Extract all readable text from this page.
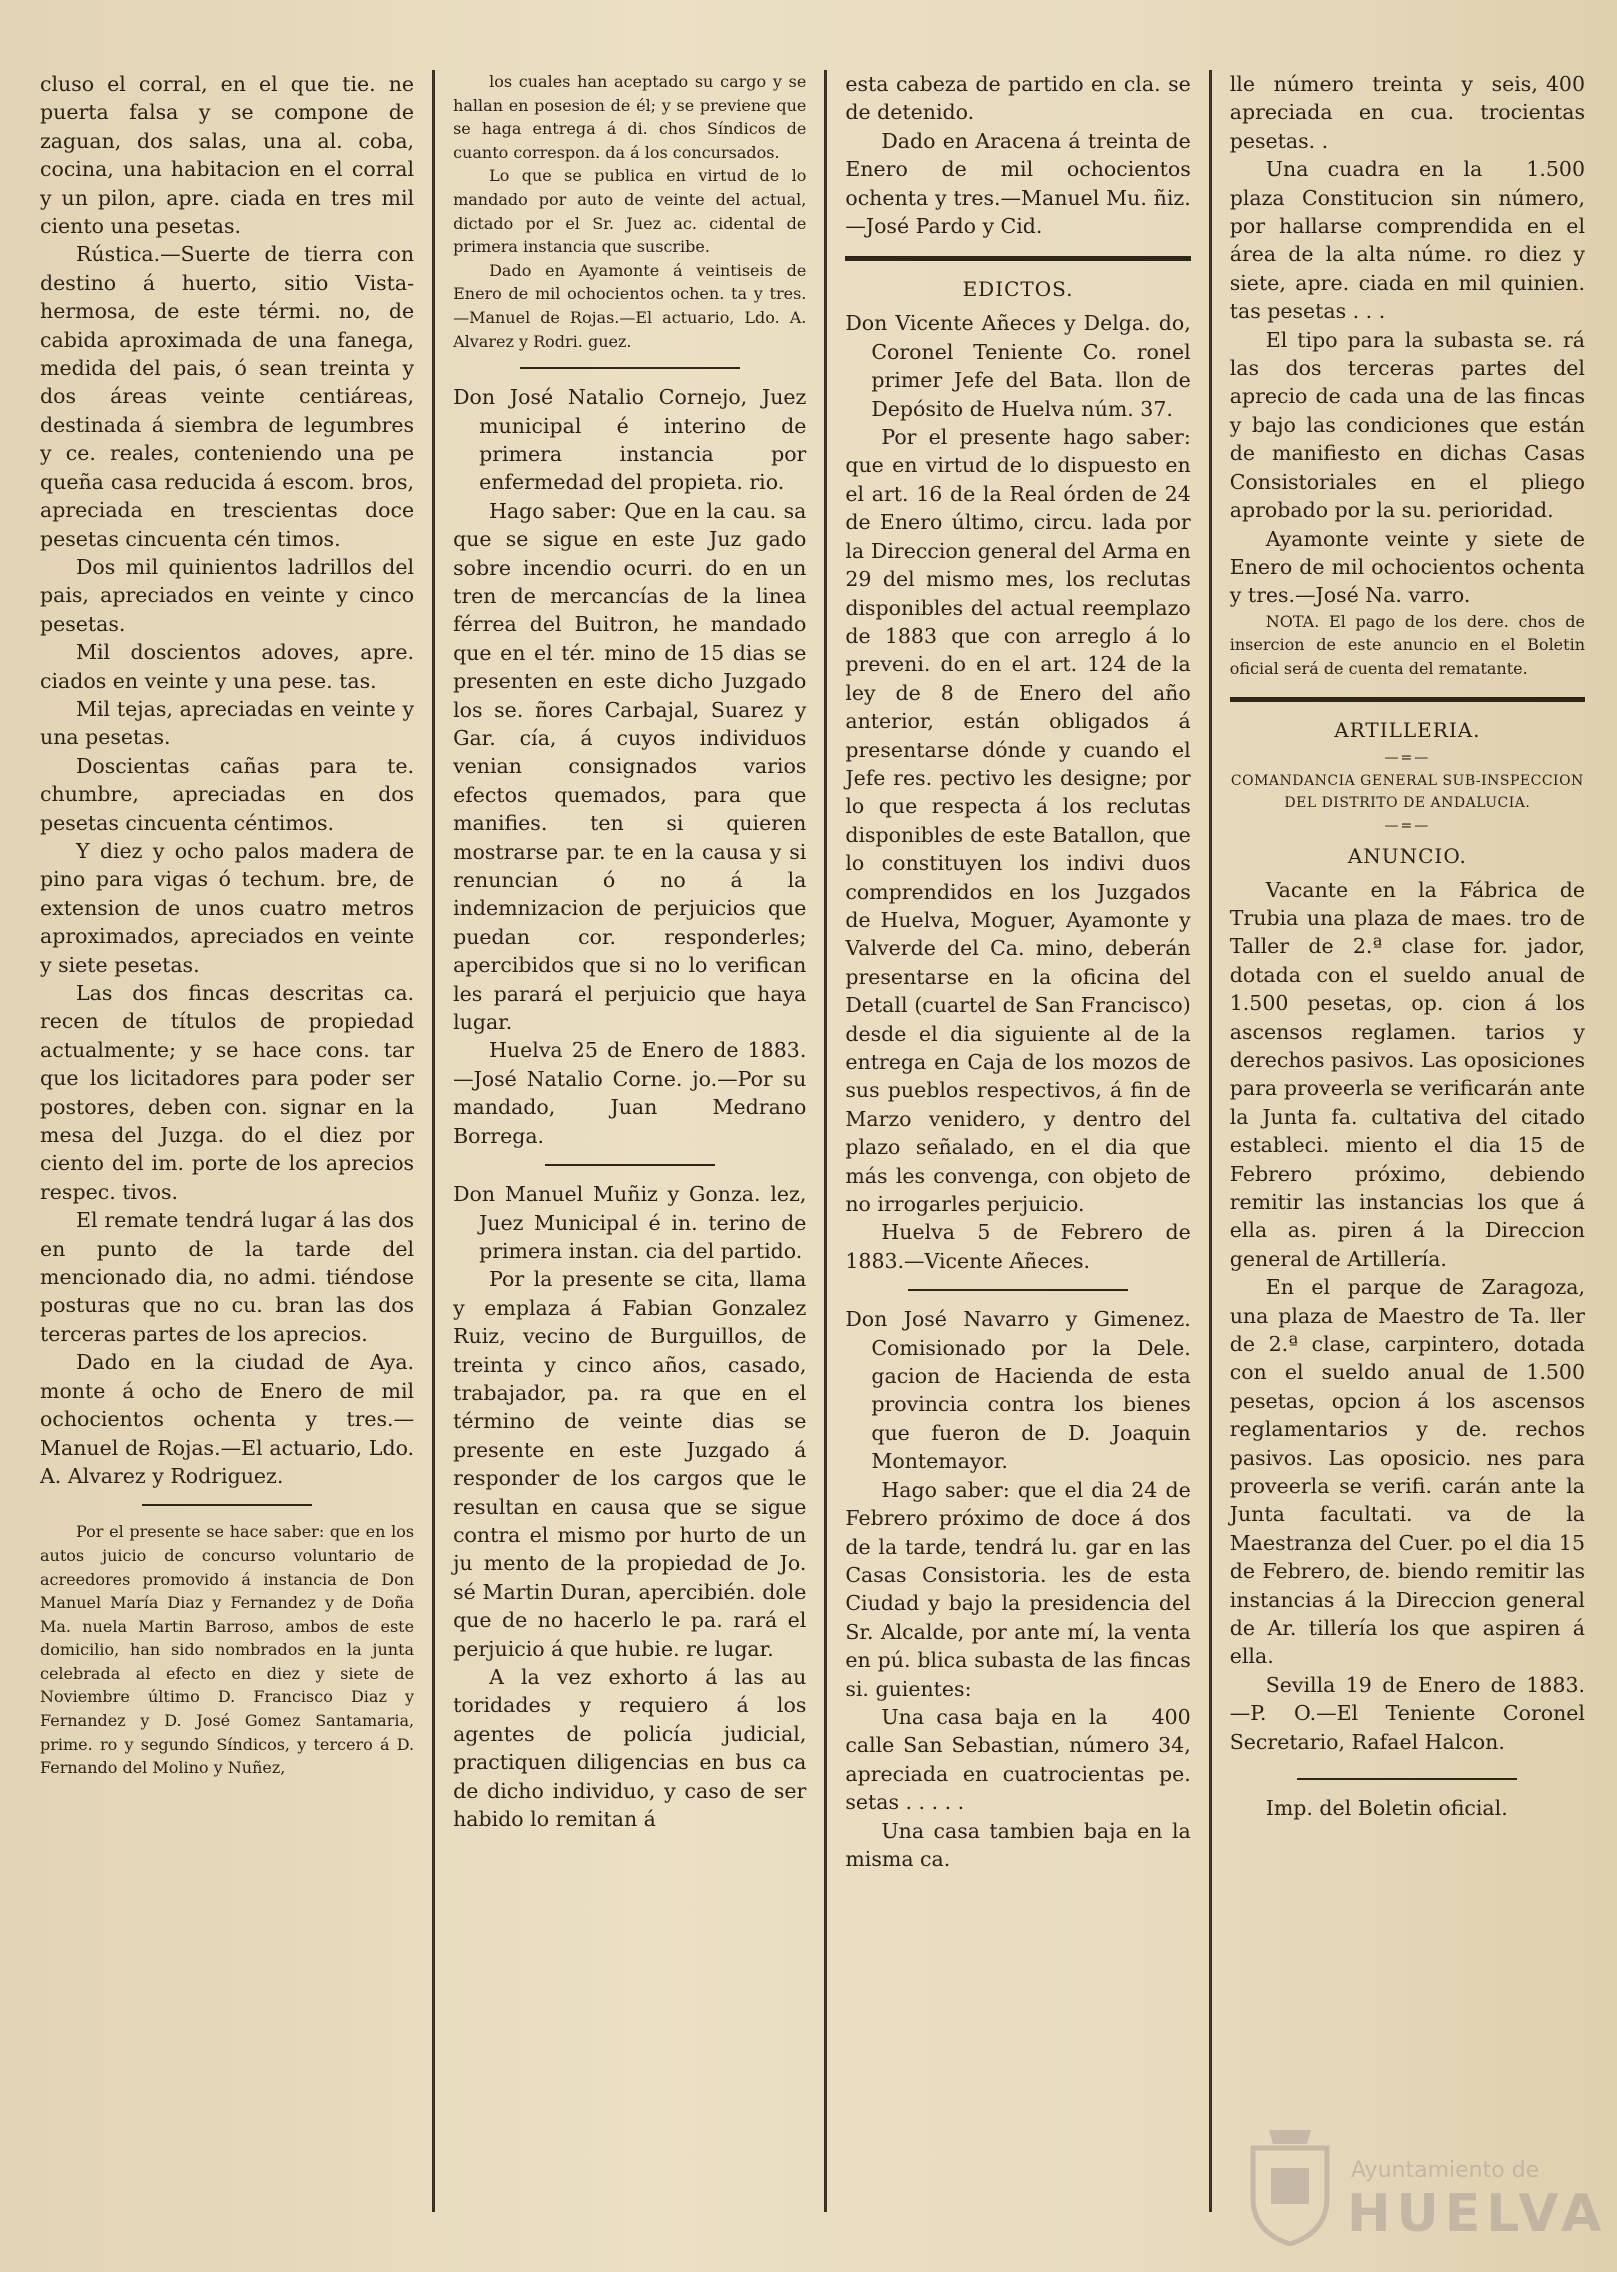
cluso el corral, en el que tie. ne puerta falsa y se compone de zaguan, dos salas, una al. coba, cocina, una habitacion en el corral y un pilon, apre. ciada en tres mil ciento una pesetas.

Rústica.—Suerte de tierra con destino á huerto, sitio Vista-hermosa, de este térmi. no, de cabida aproximada de una fanega, medida del pais, ó sean treinta y dos áreas veinte centiáreas, destinada á siembra de legumbres y ce. reales, conteniendo una pe queña casa reducida á escom. bros, apreciada en trescientas doce pesetas cincuenta cén timos.

Dos mil quinientos ladrillos del pais, apreciados en veinte y cinco pesetas.

Mil doscientos adoves, apre. ciados en veinte y una pese. tas.

Mil tejas, apreciadas en veinte y una pesetas.

Doscientas cañas para te. chumbre, apreciadas en dos pesetas cincuenta céntimos.

Y diez y ocho palos madera de pino para vigas ó techum. bre, de extension de unos cuatro metros aproximados, apreciados en veinte y siete pesetas.

Las dos fincas descritas ca. recen de títulos de propiedad actualmente; y se hace cons. tar que los licitadores para poder ser postores, deben con. signar en la mesa del Juzga. do el diez por ciento del im. porte de los aprecios respec. tivos.

El remate tendrá lugar á las dos en punto de la tarde del mencionado dia, no admi. tiéndose posturas que no cu. bran las dos terceras partes de los aprecios.

Dado en la ciudad de Aya. monte á ocho de Enero de mil ochocientos ochenta y tres.—Manuel de Rojas.—El actuario, Ldo. A. Alvarez y Rodriguez.

Por el presente se hace saber: que en los autos juicio de concurso voluntario de acreedores promovido á instancia de Don Manuel María Diaz y Fernandez y de Doña Ma. nuela Martin Barroso, ambos de este domicilio, han sido nombrados en la junta celebrada al efecto en diez y siete de Noviembre último D. Francisco Diaz y Fernandez y D. José Gomez Santamaria, prime. ro y segundo Síndicos, y tercero á D. Fernando del Molino y Nuñez,

los cuales han aceptado su cargo y se hallan en posesion de él; y se previene que se haga entrega á di. chos Síndicos de cuanto correspon. da á los concursados.

Lo que se publica en virtud de lo mandado por auto de veinte del actual, dictado por el Sr. Juez ac. cidental de primera instancia que suscribe.

Dado en Ayamonte á veintiseis de Enero de mil ochocientos ochen. ta y tres.—Manuel de Rojas.—El actuario, Ldo. A. Alvarez y Rodri. guez.

Don José Natalio Cornejo, Juez municipal é interino de primera instancia por enfermedad del propieta. rio.

Hago saber: Que en la cau. sa que se sigue en este Juz gado sobre incendio ocurri. do en un tren de mercancías de la linea férrea del Buitron, he mandado que en el tér. mino de 15 dias se presenten en este dicho Juzgado los se. ñores Carbajal, Suarez y Gar. cía, á cuyos individuos venian consignados varios efectos quemados, para que manifies. ten si quieren mostrarse par. te en la causa y si renuncian ó no á la indemnizacion de perjuicios que puedan cor. responderles; apercibidos que si no lo verifican les parará el perjuicio que haya lugar.

Huelva 25 de Enero de 1883.—José Natalio Corne. jo.—Por su mandado, Juan Medrano Borrega.

Don Manuel Muñiz y Gonza. lez, Juez Municipal é in. terino de primera instan. cia del partido.

Por la presente se cita, llama y emplaza á Fabian Gonzalez Ruiz, vecino de Burguillos, de treinta y cinco años, casado, trabajador, pa. ra que en el término de veinte dias se presente en este Juzgado á responder de los cargos que le resultan en causa que se sigue contra el mismo por hurto de un ju mento de la propiedad de Jo. sé Martin Duran, apercibién. dole que de no hacerlo le pa. rará el perjuicio á que hubie. re lugar.

A la vez exhorto á las au toridades y requiero á los agentes de policía judicial, practiquen diligencias en bus ca de dicho individuo, y caso de ser habido lo remitan á

esta cabeza de partido en cla. se de detenido.

Dado en Aracena á treinta de Enero de mil ochocientos ochenta y tres.—Manuel Mu. ñiz.—José Pardo y Cid.

EDICTOS.

Don Vicente Añeces y Delga. do, Coronel Teniente Co. ronel primer Jefe del Bata. llon de Depósito de Huelva núm. 37.

Por el presente hago saber: que en virtud de lo dispuesto en el art. 16 de la Real órden de 24 de Enero último, circu. lada por la Direccion general del Arma en 29 del mismo mes, los reclutas disponibles del actual reemplazo de 1883 que con arreglo á lo preveni. do en el art. 124 de la ley de 8 de Enero del año anterior, están obligados á presentarse dónde y cuando el Jefe res. pectivo les designe; por lo que respecta á los reclutas disponibles de este Batallon, que lo constituyen los indivi duos comprendidos en los Juzgados de Huelva, Moguer, Ayamonte y Valverde del Ca. mino, deberán presentarse en la oficina del Detall (cuartel de San Francisco) desde el dia siguiente al de la entrega en Caja de los mozos de sus pueblos respectivos, á fin de Marzo venidero, y dentro del plazo señalado, en el dia que más les convenga, con objeto de no irrogarles perjuicio.

Huelva 5 de Febrero de 1883.—Vicente Añeces.

Don José Navarro y Gimenez. Comisionado por la Dele. gacion de Hacienda de esta provincia contra los bienes que fueron de D. Joaquin Montemayor.

Hago saber: que el dia 24 de Febrero próximo de doce á dos de la tarde, tendrá lu. gar en las Casas Consistoria. les de esta Ciudad y bajo la presidencia del Sr. Alcalde, por ante mí, la venta en pú. blica subasta de las fincas si. guientes:

400
Una casa baja en la calle San Sebastian, número 34, apreciada en cuatrocientas pe. setas . . . . .

Una casa tambien baja en la misma ca.

400
lle número treinta y seis, apreciada en cua. trocientas pesetas. .

1.500
Una cuadra en la plaza Constitucion sin número, por hallarse comprendida en el área de la alta núme. ro diez y siete, apre. ciada en mil quinien. tas pesetas . . .

El tipo para la subasta se. rá las dos terceras partes del aprecio de cada una de las fincas y bajo las condiciones que están de manifiesto en dichas Casas Consistoriales en el pliego aprobado por la su. perioridad.

Ayamonte veinte y siete de Enero de mil ochocientos ochenta y tres.—José Na. varro.

NOTA. El pago de los dere. chos de insercion de este anuncio en el Boletin oficial será de cuenta del rematante.

ARTILLERIA.
—=—
COMANDANCIA GENERAL SUB-INSPECCION DEL DISTRITO DE ANDALUCIA.
—=—
ANUNCIO.

Vacante en la Fábrica de Trubia una plaza de maes. tro de Taller de 2.ª clase for. jador, dotada con el sueldo anual de 1.500 pesetas, op. cion á los ascensos reglamen. tarios y derechos pasivos. Las oposiciones para proveerla se verificarán ante la Junta fa. cultativa del citado estableci. miento el dia 15 de Febrero próximo, debiendo remitir las instancias los que á ella as. piren á la Direccion general de Artillería.

En el parque de Zaragoza, una plaza de Maestro de Ta. ller de 2.ª clase, carpintero, dotada con el sueldo anual de 1.500 pesetas, opcion á los ascensos reglamentarios y de. rechos pasivos. Las oposicio. nes para proveerla se verifi. carán ante la Junta facultati. va de la Maestranza del Cuer. po el dia 15 de Febrero, de. biendo remitir las instancias á la Direccion general de Ar. tillería los que aspiren á ella.

Sevilla 19 de Enero de 1883.—P. O.—El Teniente Coronel Secretario, Rafael Halcon.

Imp. del Boletin oficial.

Ayuntamiento de
HUELVA
